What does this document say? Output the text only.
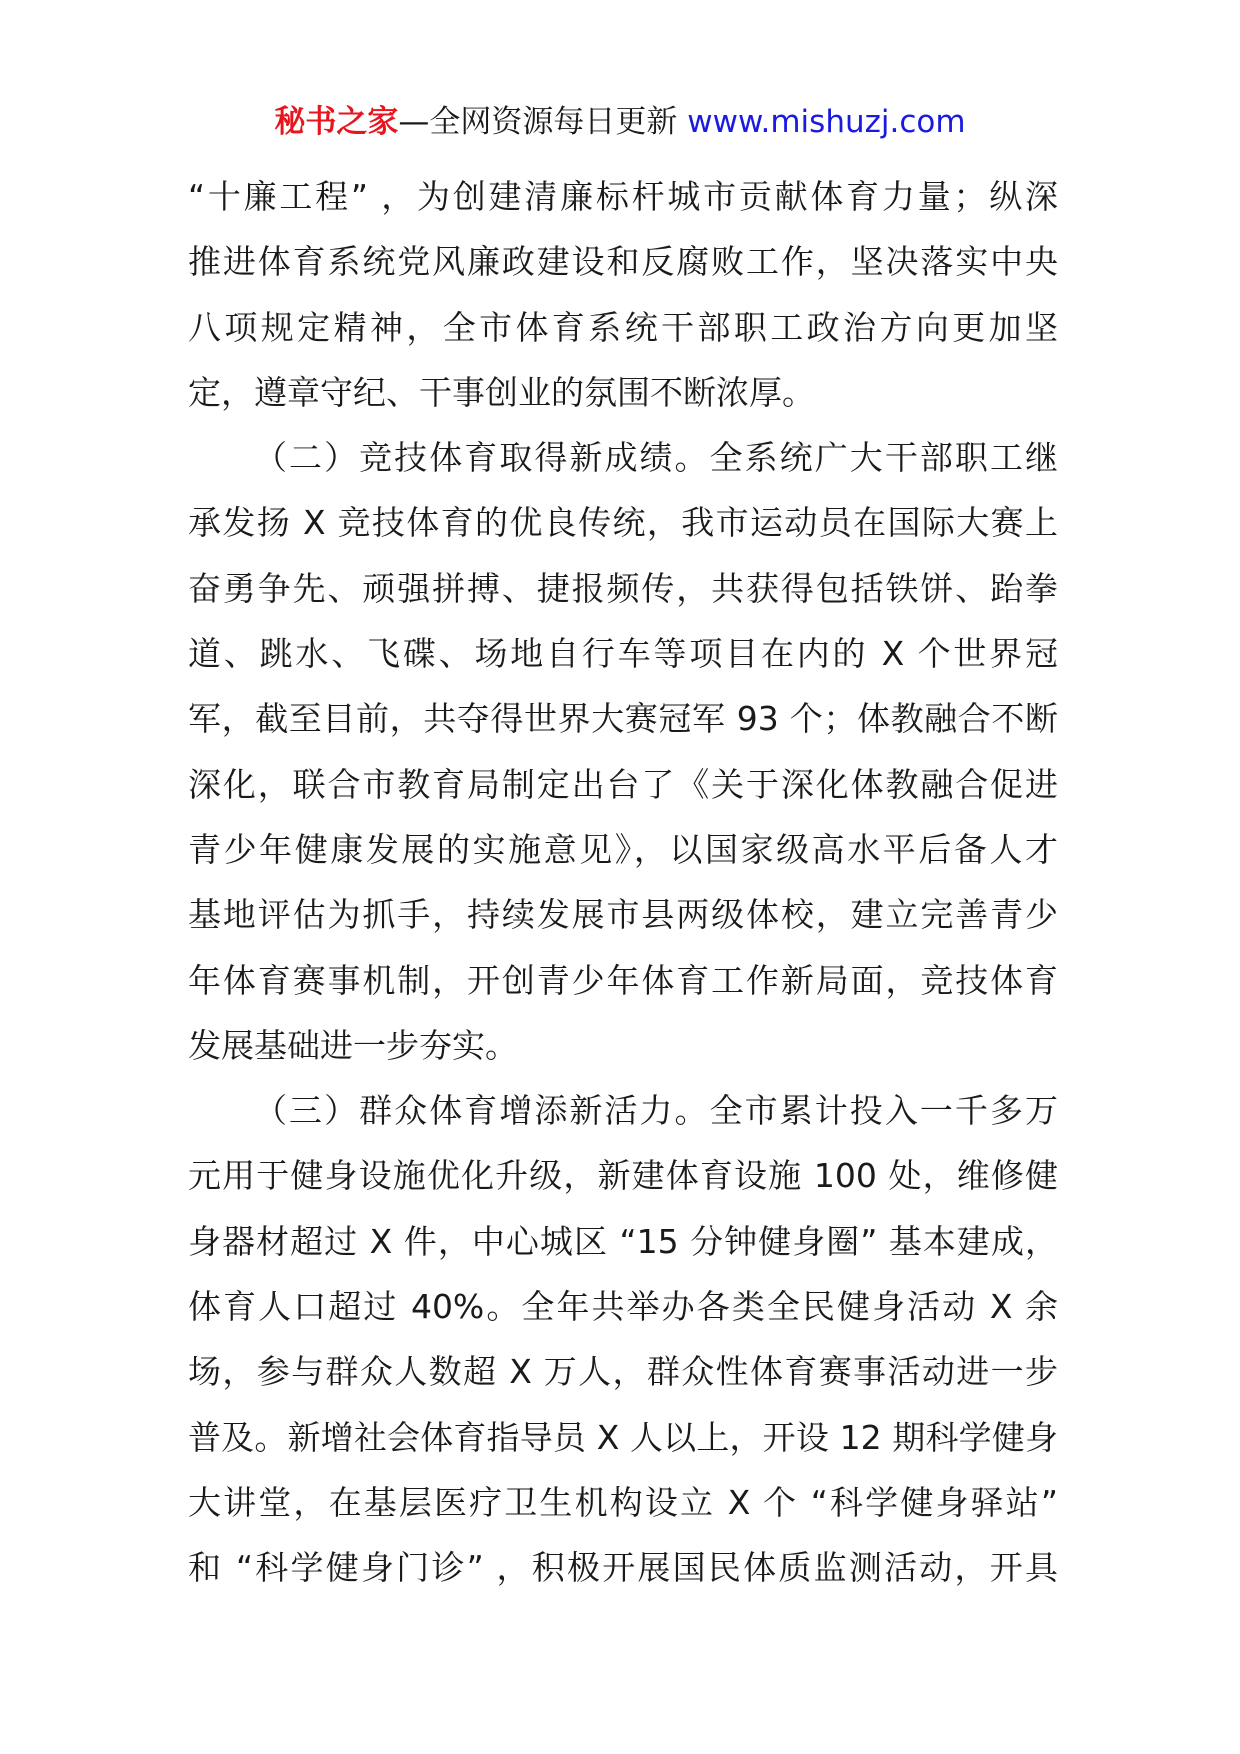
秘书之家—全网资源每日更新 www.mishuzj.com

“十廉工程” ，为创建清廉标杆城市贡献体育力量；纵深
推进体育系统党风廉政建设和反腐败工作，坚决落实中央
八项规定精神，全市体育系统干部职工政治方向更加坚
定，遵章守纪、干事创业的氛围不断浓厚。

（二）竞技体育取得新成绩。全系统广大干部职工继
承发扬 X 竞技体育的优良传统，我市运动员在国际大赛上
奋勇争先、顽强拼搏、捷报频传，共获得包括铁饼、跆拳
道、跳水、飞碟、场地自行车等项目在内的 X 个世界冠
军，截至目前，共夺得世界大赛冠军 93 个；体教融合不断
深化，联合市教育局制定出台了《关于深化体教融合促进
青少年健康发展的实施意见》，以国家级高水平后备人才
基地评估为抓手，持续发展市县两级体校，建立完善青少
年体育赛事机制，开创青少年体育工作新局面，竞技体育
发展基础进一步夯实。

（三）群众体育增添新活力。全市累计投入一千多万
元用于健身设施优化升级，新建体育设施 100 处，维修健
身器材超过 X 件，中心城区 “15 分钟健身圈” 基本建成，
体育人口超过 40%。全年共举办各类全民健身活动 X 余
场，参与群众人数超 X 万人，群众性体育赛事活动进一步
普及。新增社会体育指导员 X 人以上，开设 12 期科学健身
大讲堂，在基层医疗卫生机构设立 X 个 “科学健身驿站”
和 “科学健身门诊” ，积极开展国民体质监测活动，开具
